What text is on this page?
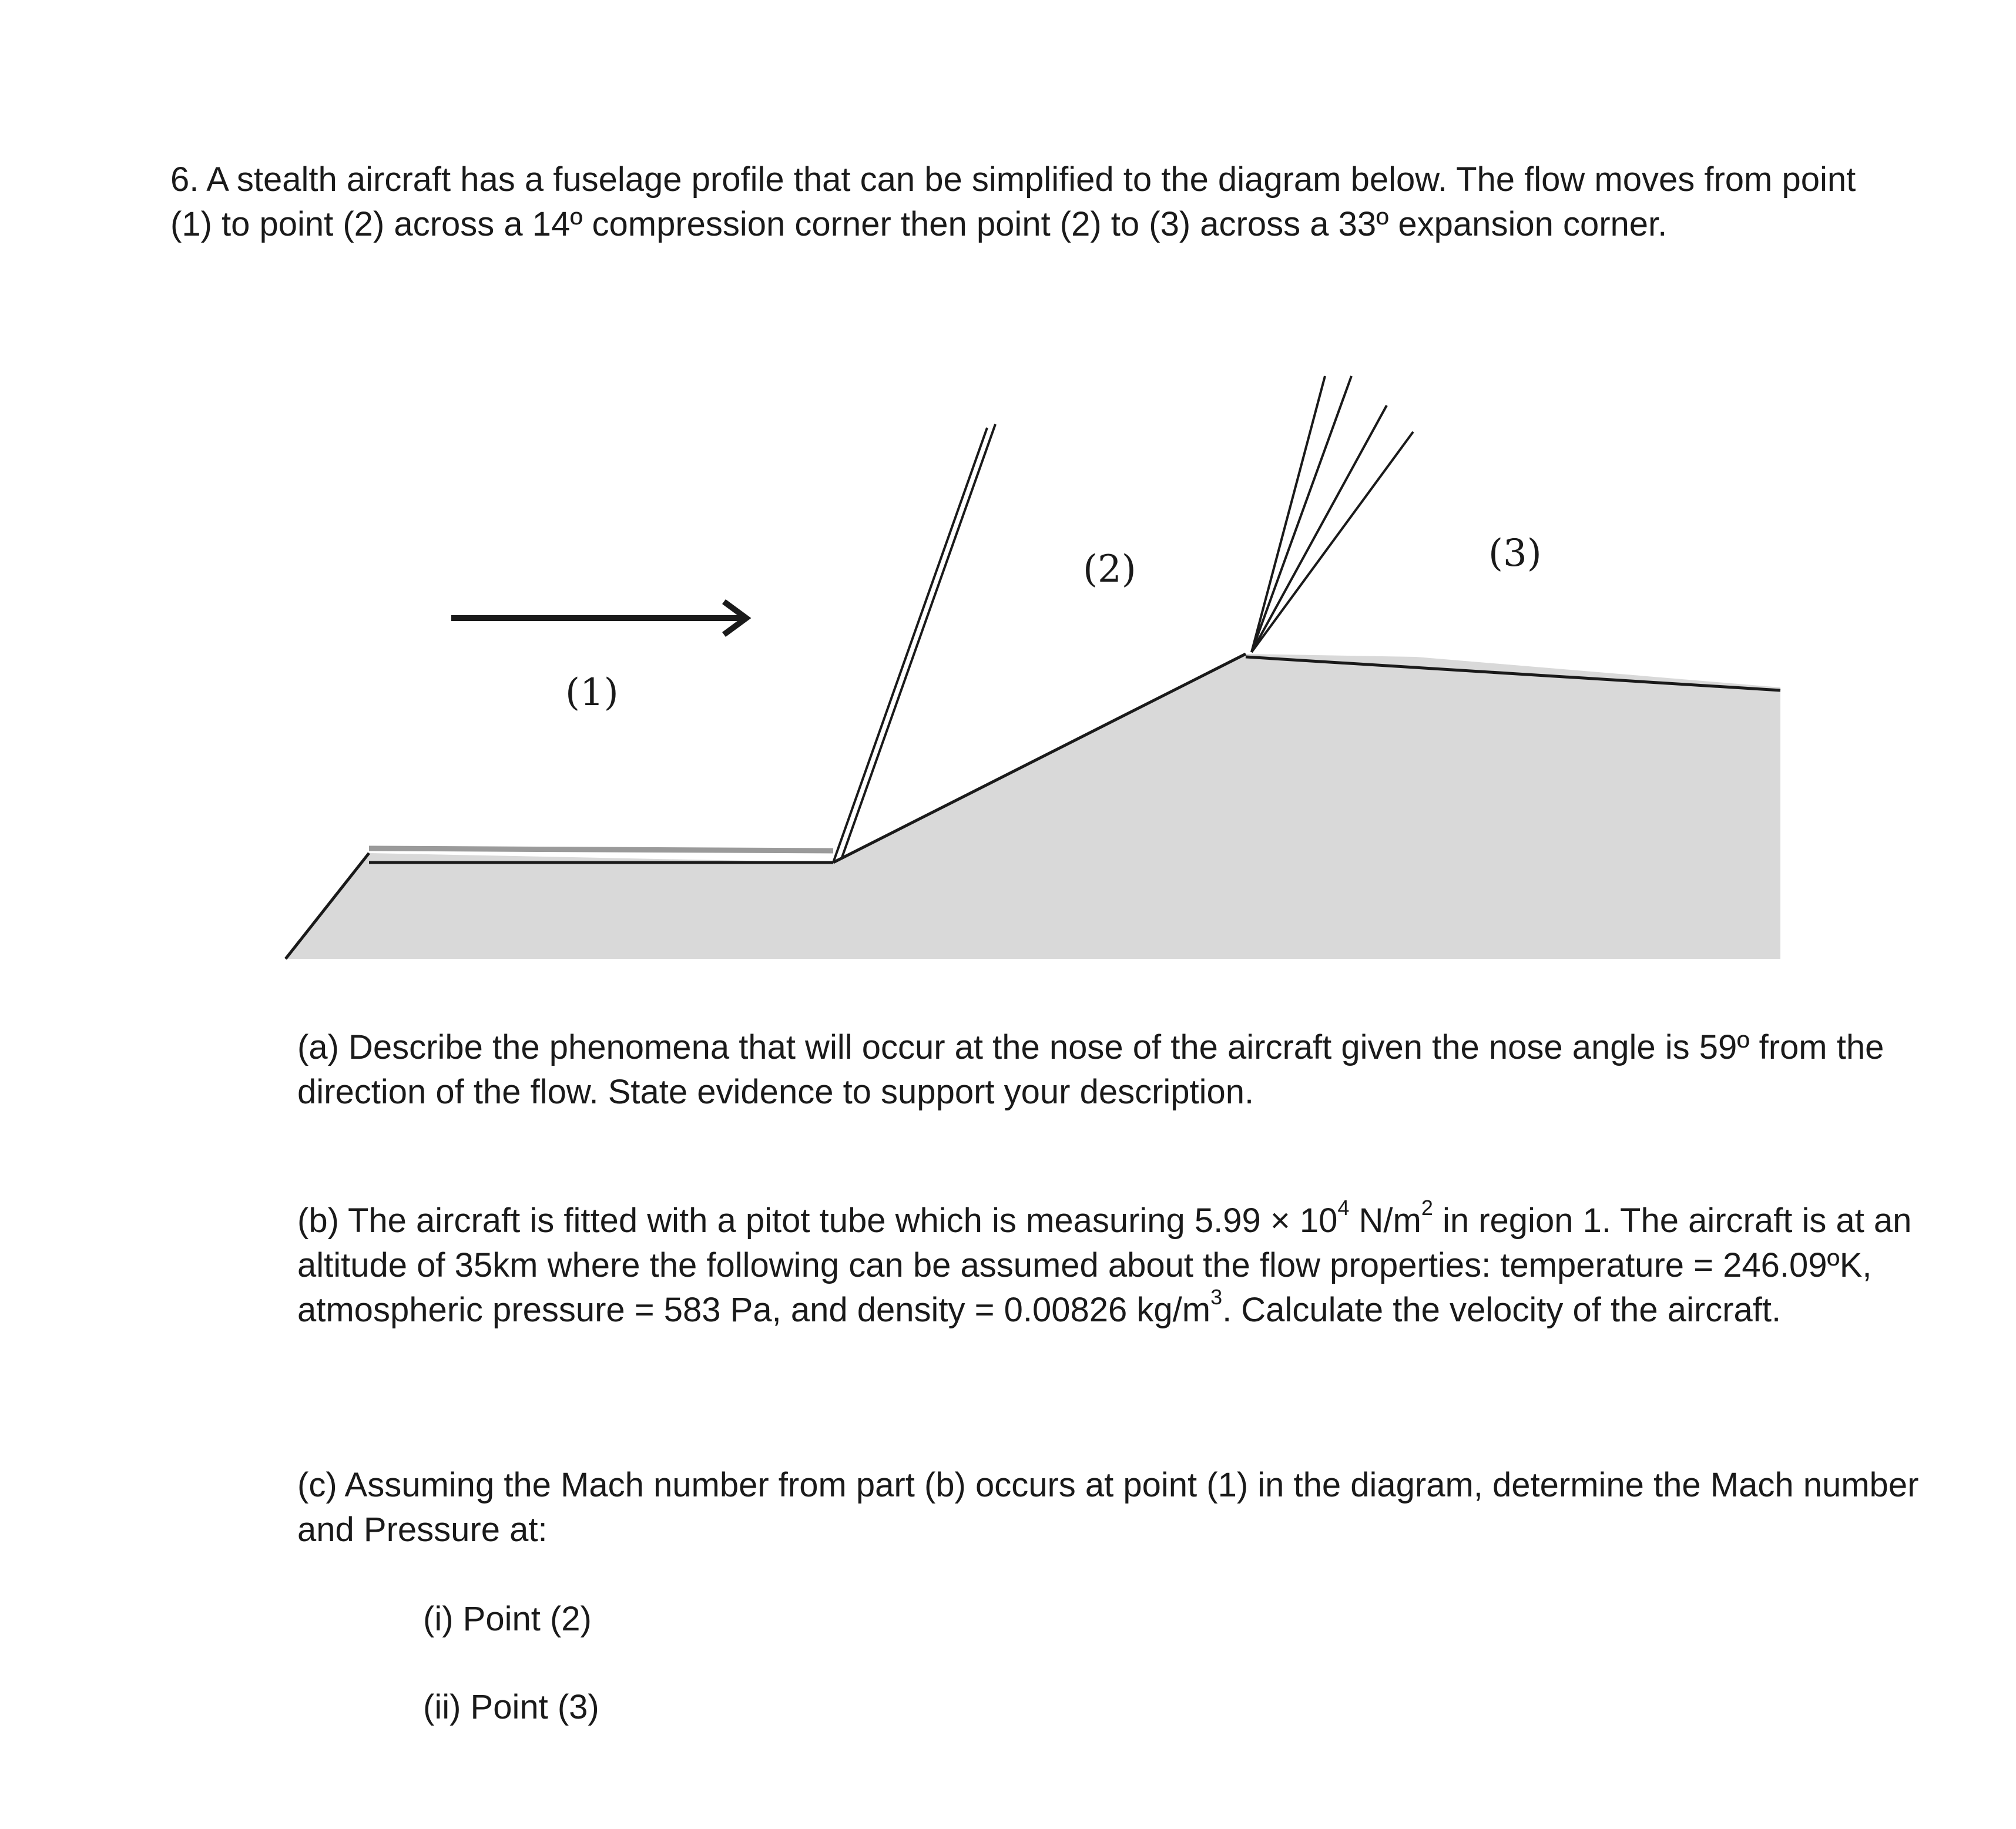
6. A stealth aircraft has a fuselage profile that can be simplified to the diagram below. The flow moves from point (1) to point (2) across a 14º compression corner then point (2) to (3) across a 33º expansion corner.

(1)
(2)	(3)

(a) Describe the phenomena that will occur at the nose of the aircraft given the nose angle is 59º from the direction of the flow. State evidence to support your description.

(b) The aircraft is fitted with a pitot tube which is measuring $5.99 \times 10^4$ $N/m^2$ in region 1. The aircraft is at an altitude of 35km where the following can be assumed about the flow properties: temperature = 246.09ºK, atmospheric pressure = 583 Pa, and density = 0.00826 $kg/m^3$. Calculate the velocity of the aircraft.

(c) Assuming the Mach number from part (b) occurs at point (1) in the diagram, determine the Mach number and Pressure at:

(i) Point (2)

(ii) Point (3)
